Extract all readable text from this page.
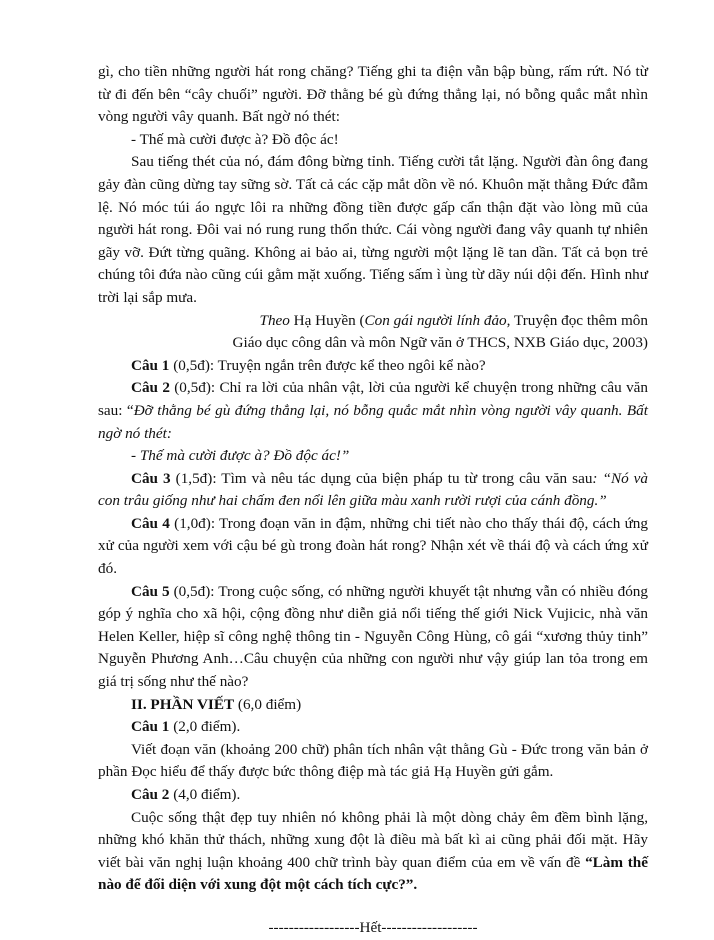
gì, cho tiền những người hát rong chăng? Tiếng ghi ta điện vẫn bập bùng, rấm rứt. Nó từ từ đi đến bên “cây chuối” người. Đỡ thằng bé gù đứng thẳng lại, nó bỗng quắc mắt nhìn vòng người vây quanh. Bất ngờ nó thét:

- Thế mà cười được à? Đồ độc ác!

Sau tiếng thét của nó, đám đông bừng tỉnh. Tiếng cười tắt lặng. Người đàn ông đang gảy đàn cũng dừng tay sững sờ. Tất cả các cặp mắt dồn về nó. Khuôn mặt thằng Đức đẫm lệ. Nó móc túi áo ngực lôi ra những đồng tiền được gấp cẩn thận đặt vào lòng mũ của người hát rong. Đôi vai nó rung rung thổn thức. Cái vòng người đang vây quanh tự nhiên gãy vỡ. Đứt từng quãng. Không ai bảo ai, từng người một lặng lẽ tan dần. Tất cả bọn trẻ chúng tôi đứa nào cũng cúi gằm mặt xuống. Tiếng sấm ì ùng từ dãy núi dội đến. Hình như trời lại sắp mưa.

Theo Hạ Huyền (Con gái người lính đảo, Truyện đọc thêm môn

Giáo dục công dân và môn Ngữ văn ở THCS, NXB Giáo dục, 2003)

Câu 1 (0,5đ): Truyện ngắn trên được kể theo ngôi kể nào?

Câu 2 (0,5đ): Chỉ ra lời của nhân vật, lời của người kể chuyện trong những câu văn sau: “Đỡ thằng bé gù đứng thẳng lại, nó bỗng quắc mắt nhìn vòng người vây quanh. Bất ngờ nó thét:

- Thế mà cười được à? Đồ độc ác!”

Câu 3 (1,5đ): Tìm và nêu tác dụng của biện pháp tu từ trong câu văn sau: “Nó và con trâu giống như hai chấm đen nổi lên giữa màu xanh rười rượi của cánh đồng.”

Câu 4 (1,0đ): Trong đoạn văn in đậm, những chi tiết nào cho thấy thái độ, cách ứng xử của người xem với cậu bé gù trong đoàn hát rong? Nhận xét về thái độ và cách ứng xử đó.

Câu 5 (0,5đ): Trong cuộc sống, có những người khuyết tật nhưng vẫn có nhiều đóng góp ý nghĩa cho xã hội, cộng đồng như diễn giả nổi tiếng thế giới Nick Vujicic, nhà văn Helen Keller, hiệp sĩ công nghệ thông tin - Nguyễn Công Hùng, cô gái “xương thủy tinh” Nguyễn Phương Anh…Câu chuyện của những con người như vậy giúp lan tỏa trong em giá trị sống như thế nào?

II. PHẦN VIẾT (6,0 điểm)

Câu 1 (2,0 điểm).

Viết đoạn văn (khoảng 200 chữ) phân tích nhân vật thằng Gù - Đức trong văn bản ở phần Đọc hiểu để thấy được bức thông điệp mà tác giả Hạ Huyền gửi gắm.

Câu 2 (4,0 điểm).

Cuộc sống thật đẹp tuy nhiên nó không phải là một dòng chảy êm đềm bình lặng, những khó khăn thử thách, những xung đột là điều mà bất kì ai cũng phải đối mặt. Hãy viết bài văn nghị luận khoảng 400 chữ trình bày quan điểm của em về vấn đề “Làm thế nào để đối diện với xung đột một cách tích cực?”.

------------------Hết-------------------
